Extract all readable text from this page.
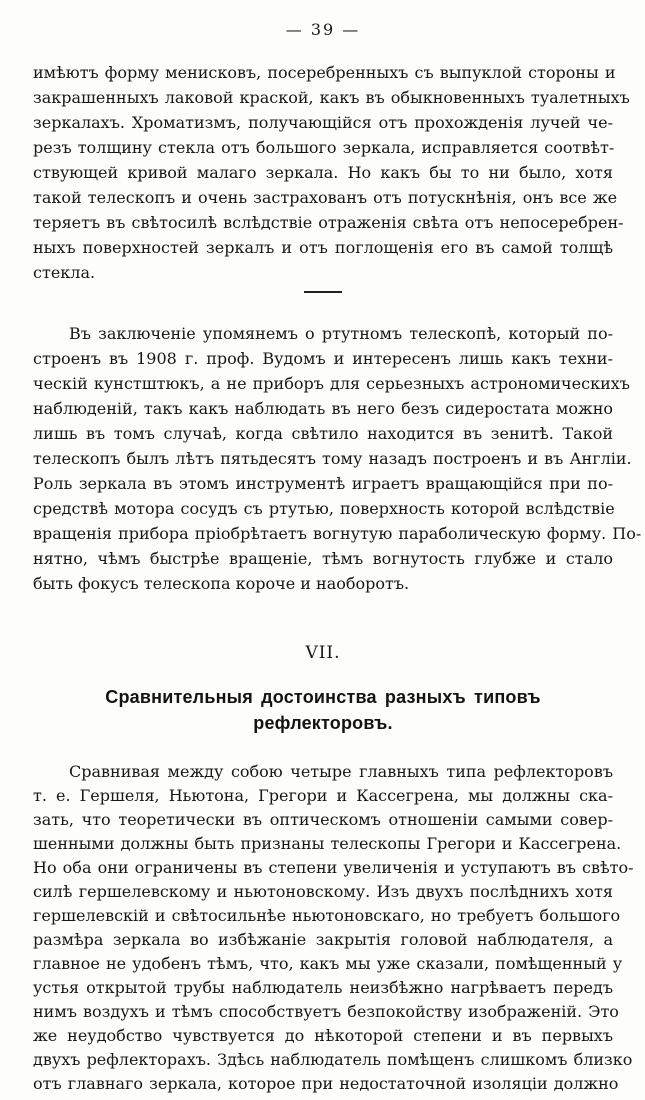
— 39 —
имѣютъ форму менисковъ, посеребренныхъ съ выпуклой стороны и
закрашенныхъ лаковой краской, какъ въ обыкновенныхъ туалетныхъ
зеркалахъ. Хроматизмъ, получающійся отъ прохожденія лучей че-
резъ толщину стекла отъ большого зеркала, исправляется соотвѣт-
ствующей кривой малаго зеркала. Но какъ бы то ни было, хотя
такой телескопъ и очень застрахованъ отъ потускнѣнія, онъ все же
теряетъ въ свѣтосилѣ вслѣдствіе отраженія свѣта отъ непосеребрен-
ныхъ поверхностей зеркалъ и отъ поглощенія его въ самой толщѣ
стекла.
Въ заключеніе упомянемъ о ртутномъ телескопѣ, который по-
строенъ въ 1908 г. проф. Вудомъ и интересенъ лишь какъ техни-
ческій кунстштюкъ, а не приборъ для серьезныхъ астрономическихъ
наблюденій, такъ какъ наблюдать въ него безъ сидеростата можно
лишь въ томъ случаѣ, когда свѣтило находится въ зенитѣ. Такой
телескопъ былъ лѣтъ пятьдесятъ тому назадъ построенъ и въ Англіи.
Роль зеркала въ этомъ инструментѣ играетъ вращающійся при по-
средствѣ мотора сосудъ съ ртутью, поверхность которой вслѣдствіе
вращенія прибора пріобрѣтаетъ вогнутую параболическую форму. По-
нятно, чѣмъ быстрѣе вращеніе, тѣмъ вогнутость глубже и стало
быть фокусъ телескопа короче и наоборотъ.
VII.
Сравнительныя достоинства разныхъ типовъ рефлекторовъ.
Сравнивая между собою четыре главныхъ типа рефлекторовъ
т. е. Гершеля, Ньютона, Грегори и Кассегрена, мы должны ска-
зать, что теоретически въ оптическомъ отношеніи самыми совер-
шенными должны быть признаны телескопы Грегори и Кассегрена.
Но оба они ограничены въ степени увеличенія и уступаютъ въ свѣто-
силѣ гершелевскому и ньютоновскому. Изъ двухъ послѣднихъ хотя
гершелевскій и свѣтосильнѣе ньютоновскаго, но требуетъ большого
размѣра зеркала во избѣжаніе закрытія головой наблюдателя, а
главное не удобенъ тѣмъ, что, какъ мы уже сказали, помѣщенный у
устья открытой трубы наблюдатель неизбѣжно нагрѣваетъ передъ
нимъ воздухъ и тѣмъ способствуетъ безпокойству изображеній. Это
же неудобство чувствуется до нѣкоторой степени и въ первыхъ
двухъ рефлекторахъ. Здѣсь наблюдатель помѣщенъ слишкомъ близко
отъ главнаго зеркала, которое при недостаточной изоляціи должно
